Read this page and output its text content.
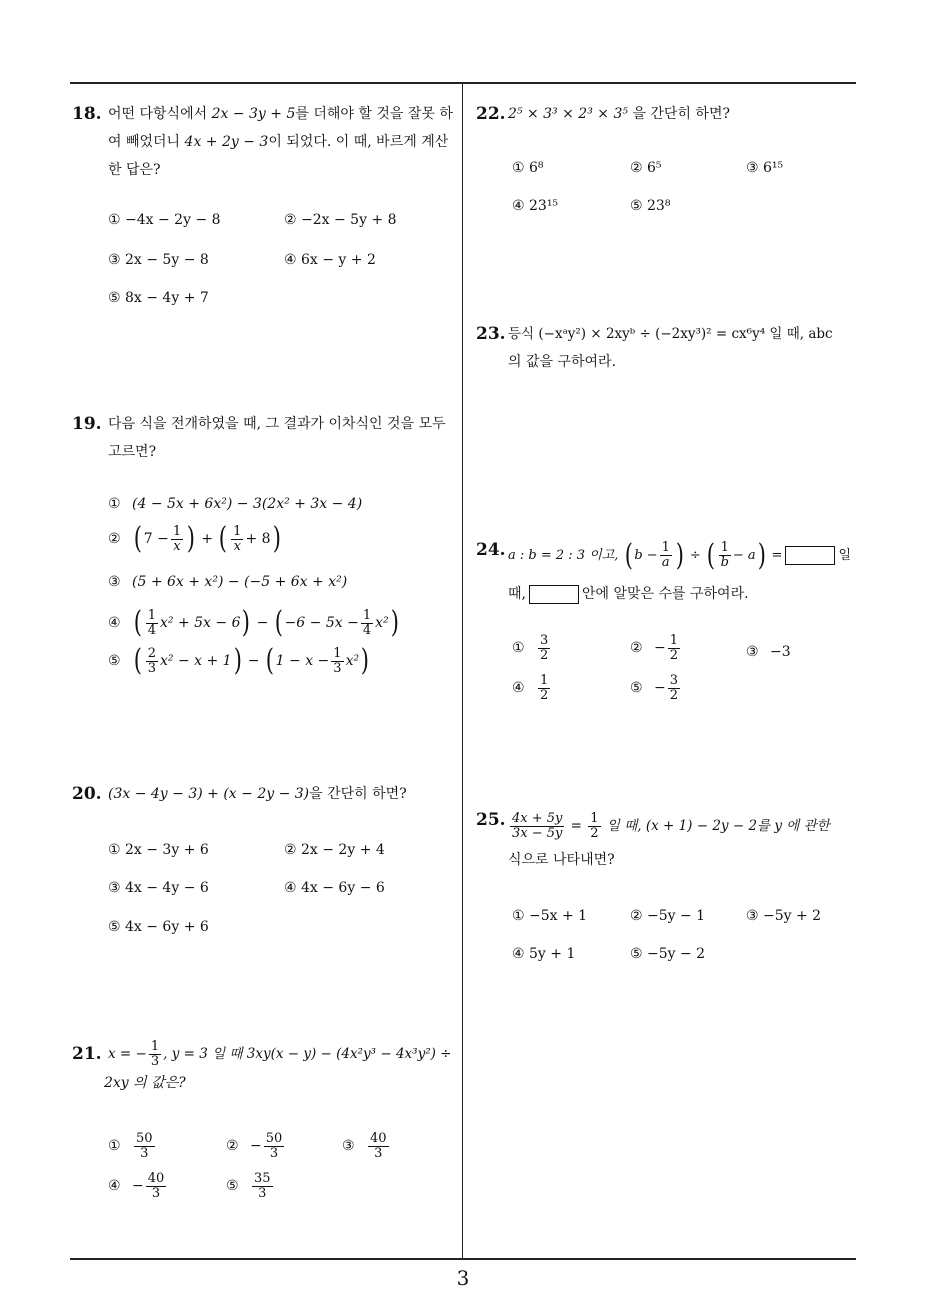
3
18. 어떤 다항식에서 2x − 3y + 5를 더해야 할 것을 잘못 하여 빼었더니 4x + 2y − 3이 되었다. 이 때, 바르게 계산한 답은?
① −4x − 2y − 8	② −2x − 5y + 8
③ 2x − 5y − 8	④ 6x − y + 2
⑤ 8x − 4y + 7
19. 다음 식을 전개하였을 때, 그 결과가 이차식인 것을 모두 고르면?
① (4 − 5x + 6x²) − 3(2x² + 3x − 4)
② ( $7 - \frac{1}{x}$ ) + ( $\frac{1}{x} + 8$)
③ (5 + 6x + x²) − (−5 + 6x + x²)
④ ( $\frac{1}{4} x^2 + 5x - 6$) − ( $-6 - 5x - \frac{1}{4} x^2$)
⑤ ( $\frac{2}{3} x^2 - x + 1$) − ( $1 - x - \frac{1}{3} x^2$)
20. (3x − 4y − 3) + (x − 2y − 3)을 간단히 하면?
① 2x − 3y + 6	② 2x − 2y + 4
③ 4x − 4y − 6	④ 4x − 6y − 6
⑤ 4x − 6y + 6
21. x = − $\frac{1}{3}$ , y = 3 일 때 3xy(x − y) − (4x²y³ − 4x³y²) ÷
2xy 의 값은?
① $\frac{50}{3}$	② − $\frac{50}{3}$	③ $\frac{40}{3}$
④ − $\frac{40}{3}$	⑤ $\frac{35}{3}$
22. 2⁵ × 3³ × 2³ × 3⁵ 을 간단히 하면?
① 6⁸	② 6⁵	③ 6¹⁵
④ 23¹⁵	⑤ 23⁸
23. 등식 (−xᵃy²) × 2xyᵇ ÷ (−2xy³)² = cx⁶y⁴ 일 때, abc
의 값을 구하여라.
24. a : b = 2 : 3 이고, ( $b - \frac{1}{a}$ ) ÷ ( $\frac{1}{b} - a$) =	일
때,	안에 알맞은 수를 구하여라.
① $\frac{3}{2}$	② − $\frac{1}{2}$	③ −3
④ $\frac{1}{2}$	⑤ − $\frac{3}{2}$
25. $\frac{4x + 5y}{3x - 5y} = \frac{1}{2}$ 일 때, (x + 1) − 2y − 2를 y 에 관한
식으로 나타내면?
① −5x + 1	② −5y − 1	③ −5y + 2
④ 5y + 1	⑤ −5y − 2
